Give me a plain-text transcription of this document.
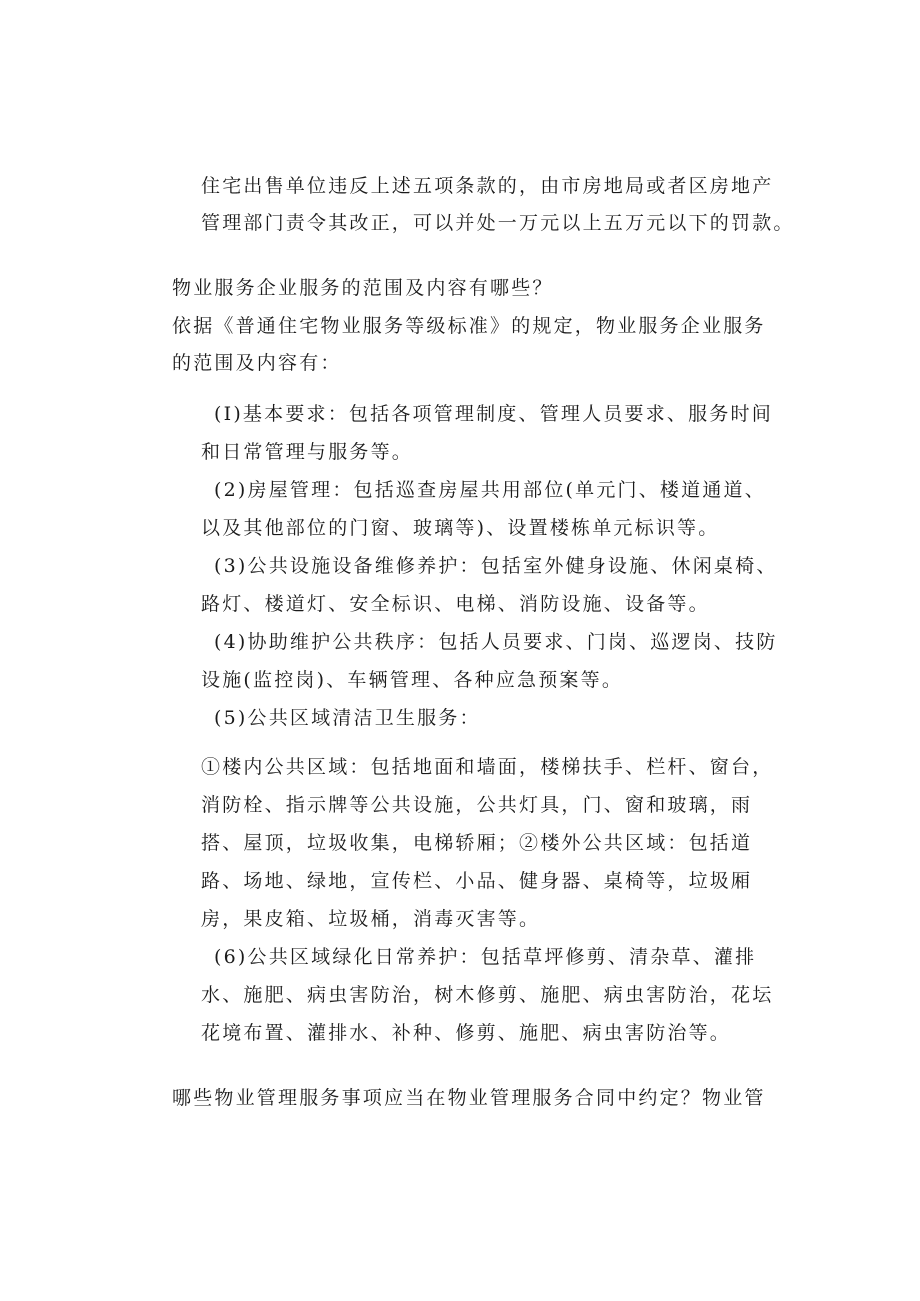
住宅出售单位违反上述五项条款的，由市房地局或者区房地产
管理部门责令其改正，可以并处一万元以上五万元以下的罚款。
物业服务企业服务的范围及内容有哪些？
依据《普通住宅物业服务等级标准》的规定，物业服务企业服务
的范围及内容有：
(I)基本要求：包括各项管理制度、管理人员要求、服务时间
和日常管理与服务等。
(2)房屋管理：包括巡查房屋共用部位(单元门、楼道通道、
以及其他部位的门窗、玻璃等)、设置楼栋单元标识等。
(3)公共设施设备维修养护：包括室外健身设施、休闲桌椅、
路灯、楼道灯、安全标识、电梯、消防设施、设备等。
(4)协助维护公共秩序：包括人员要求、门岗、巡逻岗、技防
设施(监控岗)、车辆管理、各种应急预案等。
(5)公共区域清洁卫生服务：
①楼内公共区域：包括地面和墙面，楼梯扶手、栏杆、窗台，
消防栓、指示牌等公共设施，公共灯具，门、窗和玻璃，雨
搭、屋顶，垃圾收集，电梯轿厢；②楼外公共区域：包括道
路、场地、绿地，宣传栏、小品、健身器、桌椅等，垃圾厢
房，果皮箱、垃圾桶，消毒灭害等。
(6)公共区域绿化日常养护：包括草坪修剪、清杂草、灌排
水、施肥、病虫害防治，树木修剪、施肥、病虫害防治，花坛
花境布置、灌排水、补种、修剪、施肥、病虫害防治等。
哪些物业管理服务事项应当在物业管理服务合同中约定？物业管
